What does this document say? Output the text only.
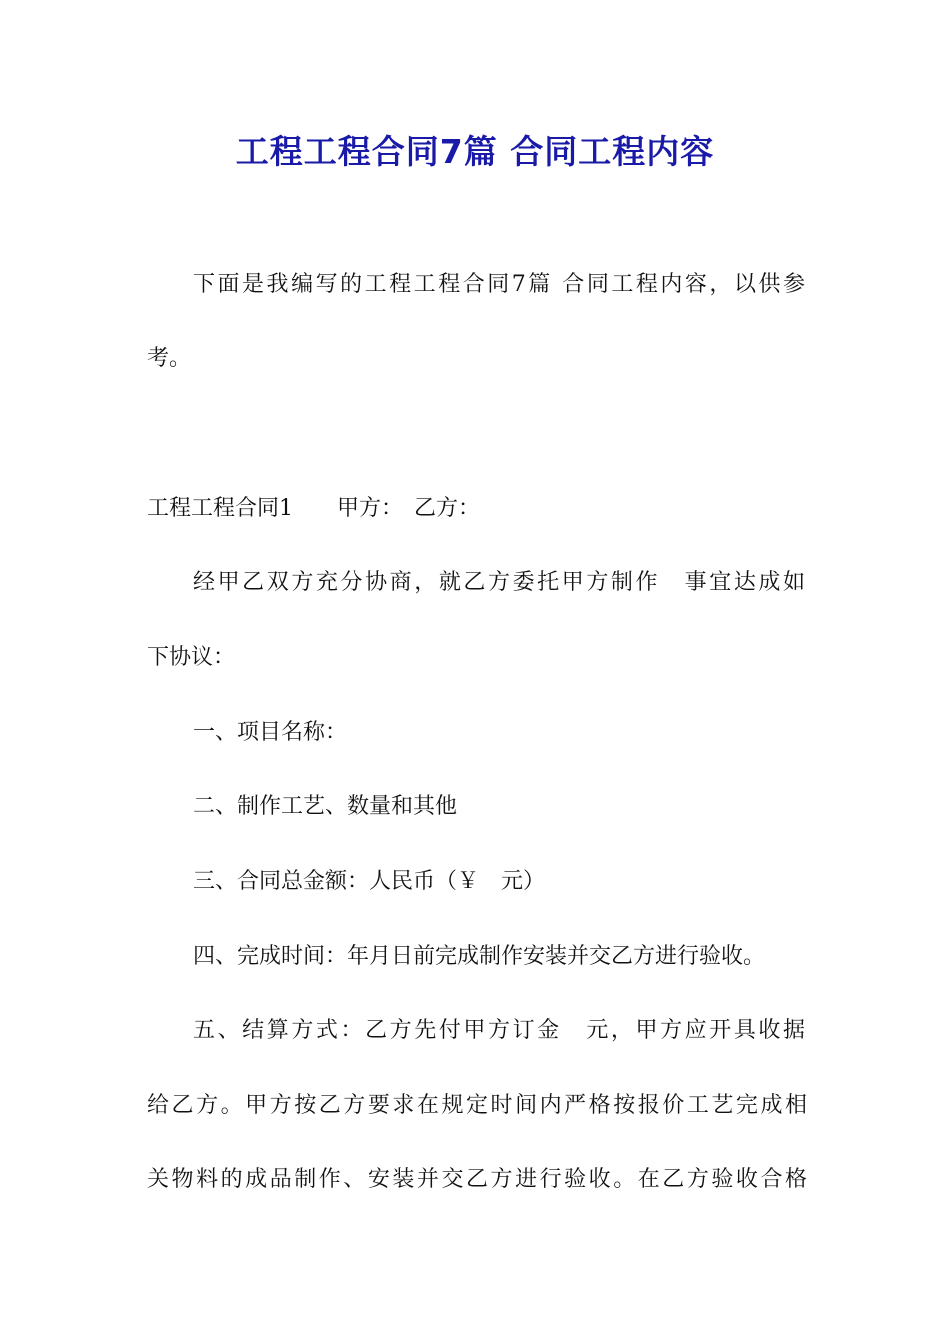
工程工程合同7篇 合同工程内容

下面是我编写的工程工程合同7篇 合同工程内容，以供参

考。

工程工程合同1　　甲方：　乙方：

经甲乙双方充分协商，就乙方委托甲方制作　事宜达成如

下协议：

一、项目名称：

二、制作工艺、数量和其他

三、合同总金额：人民币（￥　元）

四、完成时间：年月日前完成制作安装并交乙方进行验收。

五、结算方式：乙方先付甲方订金　元，甲方应开具收据

给乙方。甲方按乙方要求在规定时间内严格按报价工艺完成相

关物料的成品制作、安装并交乙方进行验收。在乙方验收合格
